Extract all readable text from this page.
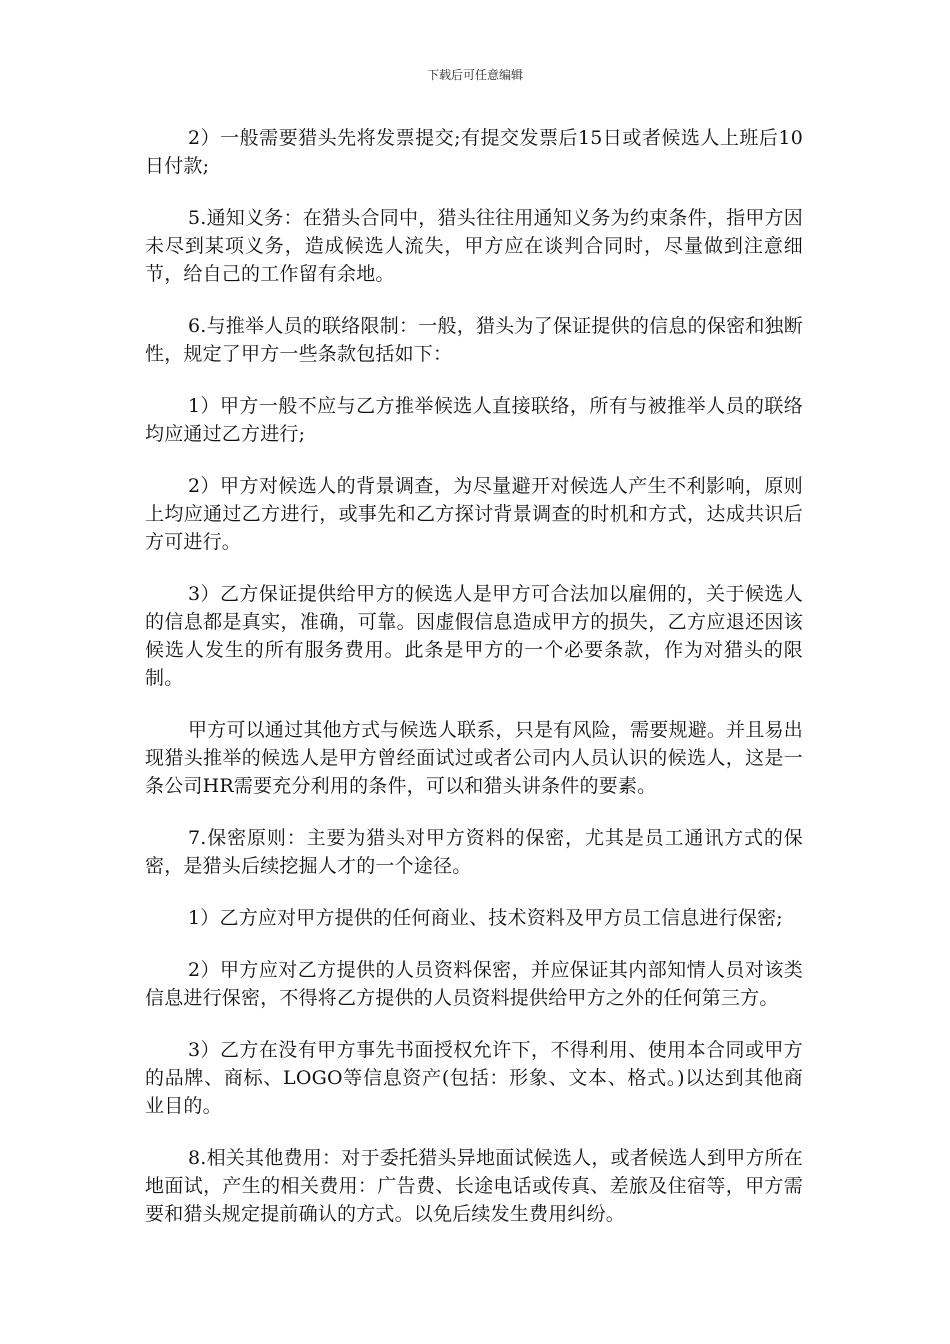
下载后可任意编辑

2）一般需要猎头先将发票提交;有提交发票后15日或者候选人上班后10日付款;

5.通知义务：在猎头合同中，猎头往往用通知义务为约束条件，指甲方因未尽到某项义务，造成候选人流失，甲方应在谈判合同时，尽量做到注意细节，给自己的工作留有余地。

6.与推举人员的联络限制：一般，猎头为了保证提供的信息的保密和独断性，规定了甲方一些条款包括如下：

1）甲方一般不应与乙方推举候选人直接联络，所有与被推举人员的联络均应通过乙方进行;

2）甲方对候选人的背景调查，为尽量避开对候选人产生不利影响，原则上均应通过乙方进行，或事先和乙方探讨背景调查的时机和方式，达成共识后方可进行。

3）乙方保证提供给甲方的候选人是甲方可合法加以雇佣的，关于候选人的信息都是真实，准确，可靠。因虚假信息造成甲方的损失，乙方应退还因该候选人发生的所有服务费用。此条是甲方的一个必要条款，作为对猎头的限制。

甲方可以通过其他方式与候选人联系，只是有风险，需要规避。并且易出现猎头推举的候选人是甲方曾经面试过或者公司内人员认识的候选人，这是一条公司HR需要充分利用的条件，可以和猎头讲条件的要素。

7.保密原则：主要为猎头对甲方资料的保密，尤其是员工通讯方式的保密，是猎头后续挖掘人才的一个途径。

1）乙方应对甲方提供的任何商业、技术资料及甲方员工信息进行保密;

2）甲方应对乙方提供的人员资料保密，并应保证其内部知情人员对该类信息进行保密，不得将乙方提供的人员资料提供给甲方之外的任何第三方。

3）乙方在没有甲方事先书面授权允许下，不得利用、使用本合同或甲方的品牌、商标、LOGO等信息资产(包括：形象、文本、格式。)以达到其他商业目的。

8.相关其他费用：对于委托猎头异地面试候选人，或者候选人到甲方所在地面试，产生的相关费用：广告费、长途电话或传真、差旅及住宿等，甲方需要和猎头规定提前确认的方式。以免后续发生费用纠纷。
